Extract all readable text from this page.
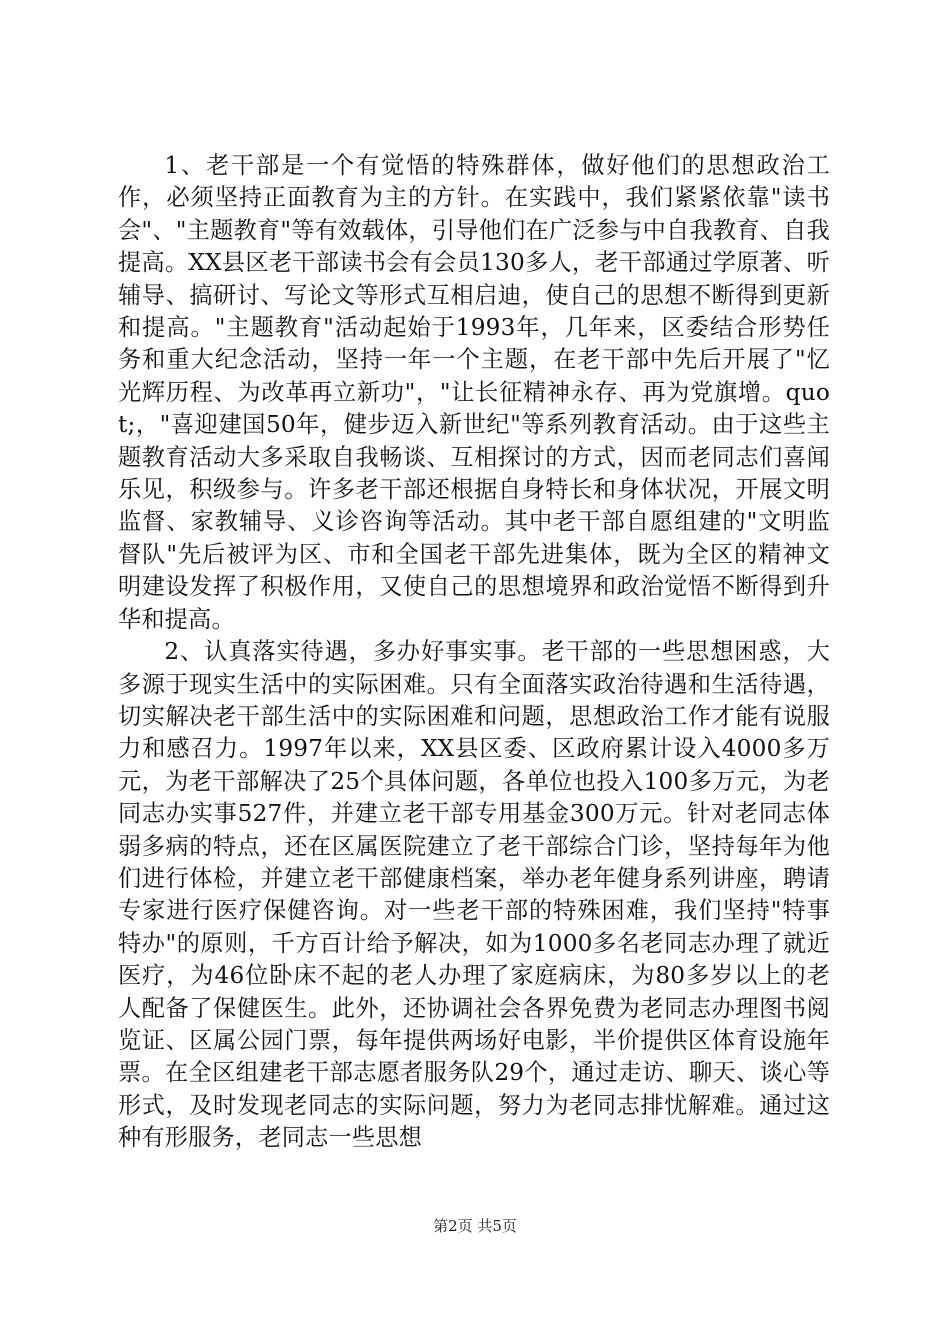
1、老干部是一个有觉悟的特殊群体，做好他们的思想政治工作，必须坚持正面教育为主的方针。在实践中，我们紧紧依靠"读书会"、"主题教育"等有效载体，引导他们在广泛参与中自我教育、自我提高。XX县区老干部读书会有会员130多人，老干部通过学原著、听辅导、搞研讨、写论文等形式互相启迪，使自己的思想不断得到更新和提高。"主题教育"活动起始于1993年，几年来，区委结合形势任务和重大纪念活动，坚持一年一个主题，在老干部中先后开展了"忆光辉历程、为改革再立新功"，"让长征精神永存、再为党旗增。quot;，"喜迎建国50年，健步迈入新世纪"等系列教育活动。由于这些主题教育活动大多采取自我畅谈、互相探讨的方式，因而老同志们喜闻乐见，积级参与。许多老干部还根据自身特长和身体状况，开展文明监督、家教辅导、义诊咨询等活动。其中老干部自愿组建的"文明监督队"先后被评为区、市和全国老干部先进集体，既为全区的精神文明建设发挥了积极作用，又使自己的思想境界和政治觉悟不断得到升华和提高。

2、认真落实待遇，多办好事实事。老干部的一些思想困惑，大多源于现实生活中的实际困难。只有全面落实政治待遇和生活待遇，切实解决老干部生活中的实际困难和问题，思想政治工作才能有说服力和感召力。1997年以来，XX县区委、区政府累计设入4000多万元，为老干部解决了25个具体问题，各单位也投入100多万元，为老同志办实事527件，并建立老干部专用基金300万元。针对老同志体弱多病的特点，还在区属医院建立了老干部综合门诊，坚持每年为他们进行体检，并建立老干部健康档案，举办老年健身系列讲座，聘请专家进行医疗保健咨询。对一些老干部的特殊困难，我们坚持"特事特办"的原则，千方百计给予解决，如为1000多名老同志办理了就近医疗，为46位卧床不起的老人办理了家庭病床，为80多岁以上的老人配备了保健医生。此外，还协调社会各界免费为老同志办理图书阅览证、区属公园门票，每年提供两场好电影，半价提供区体育设施年票。在全区组建老干部志愿者服务队29个，通过走访、聊天、谈心等形式，及时发现老同志的实际问题，努力为老同志排忧解难。通过这种有形服务，老同志一些思想

第2页 共5页
